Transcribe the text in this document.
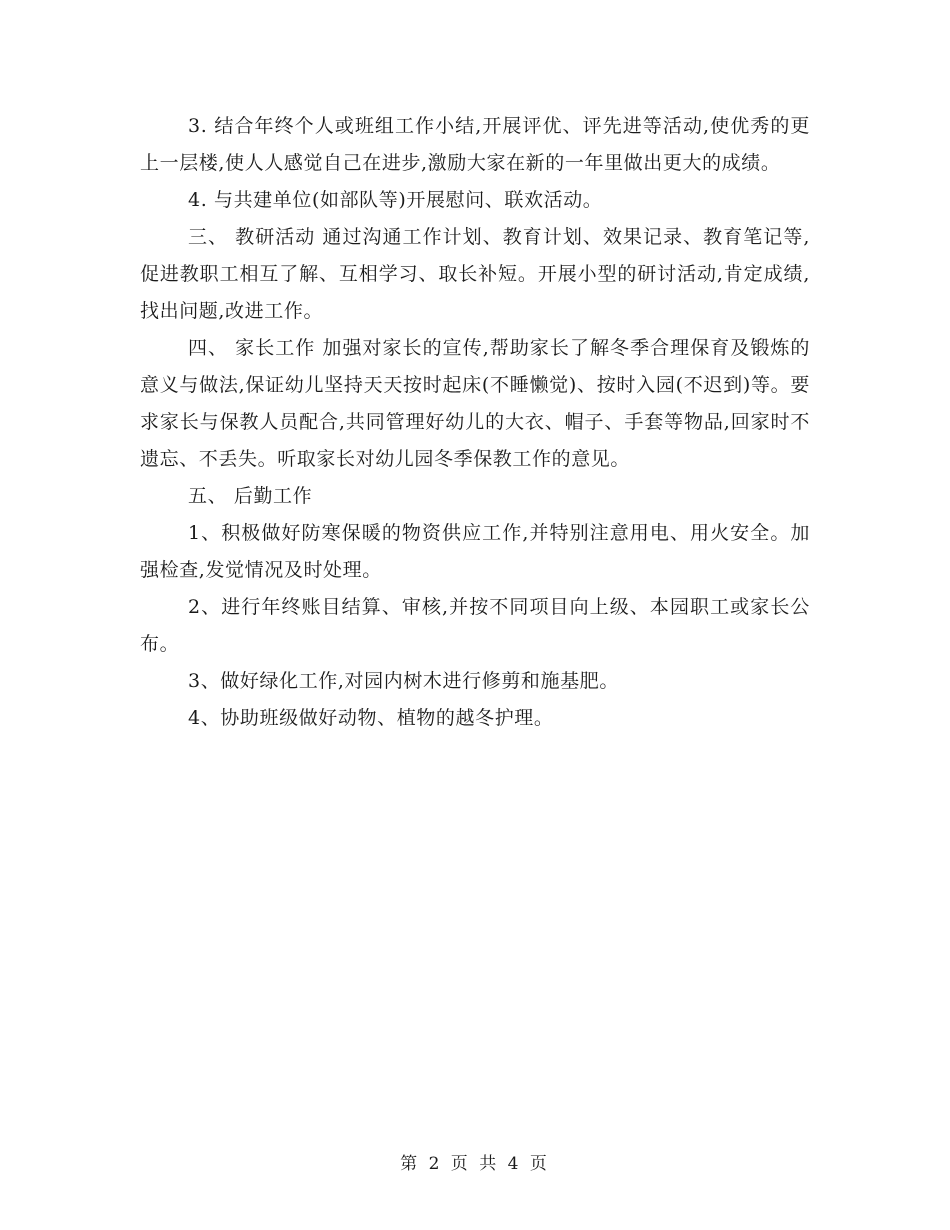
3. 结合年终个人或班组工作小结,开展评优、评先进等活动,使优秀的更上一层楼,使人人感觉自己在进步,激励大家在新的一年里做出更大的成绩。

4. 与共建单位(如部队等)开展慰问、联欢活动。

三、 教研活动 通过沟通工作计划、教育计划、效果记录、教育笔记等,促进教职工相互了解、互相学习、取长补短。开展小型的研讨活动,肯定成绩,找出问题,改进工作。

四、 家长工作 加强对家长的宣传,帮助家长了解冬季合理保育及锻炼的意义与做法,保证幼儿坚持天天按时起床(不睡懒觉)、按时入园(不迟到)等。要求家长与保教人员配合,共同管理好幼儿的大衣、帽子、手套等物品,回家时不遗忘、不丢失。听取家长对幼儿园冬季保教工作的意见。

五、 后勤工作

1、积极做好防寒保暖的物资供应工作,并特别注意用电、用火安全。加强检查,发觉情况及时处理。

2、进行年终账目结算、审核,并按不同项目向上级、本园职工或家长公布。

3、做好绿化工作,对园内树木进行修剪和施基肥。

4、协助班级做好动物、植物的越冬护理。

第 2 页 共 4 页
